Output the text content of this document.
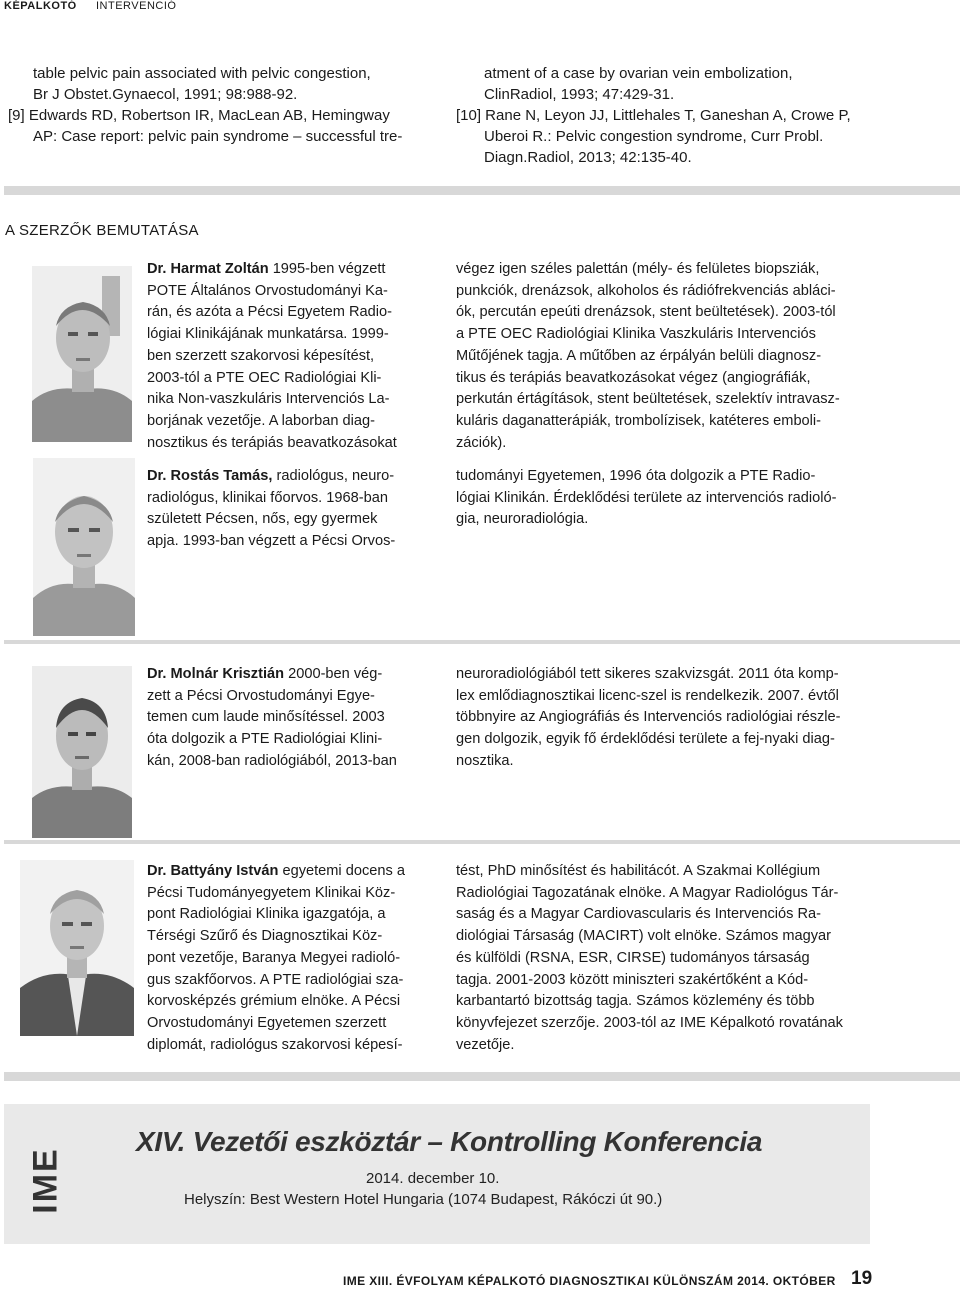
KÉPALKOTÓ INTERVENCIÓ
table pelvic pain associated with pelvic congestion,
Br J Obstet.Gynaecol, 1991; 98:988-92.
[9] Edwards RD, Robertson IR, MacLean AB, Hemingway
AP: Case report: pelvic pain syndrome – successful tre-
atment of a case by ovarian vein embolization,
ClinRadiol, 1993; 47:429-31.
[10] Rane N, Leyon JJ, Littlehales T, Ganeshan A, Crowe P,
Uberoi R.: Pelvic congestion syndrome, Curr Probl.
Diagn.Radiol, 2013; 42:135-40.
A SZERZŐK BEMUTATÁSA
Dr. Harmat Zoltán 1995-ben végzett
POTE Általános Orvostudományi Ka-
rán, és azóta a Pécsi Egyetem Radio-
lógiai Klinikájának munkatársa. 1999-
ben szerzett szakorvosi képesítést,
2003-tól a PTE OEC Radiológiai Kli-
nika Non-vaszkuláris Intervenciós La-
borjának vezetője. A laborban diag-
nosztikus és terápiás beavatkozásokat
végez igen széles palettán (mély- és felületes biopsziák,
punkciók, drenázsok, alkoholos és rádiófrekvenciás abláci-
ók, percután epeúti drenázsok, stent beültetések). 2003-tól
a PTE OEC Radiológiai Klinika Vaszkuláris Intervenciós
Műtőjének tagja. A műtőben az érpályán belüli diagnosz-
tikus és terápiás beavatkozásokat végez (angiográfiák,
perkután értágítások, stent beültetések, szelektív intravasz-
kuláris daganatterápiák, trombolízisek, katéteres emboli-
zációk).
Dr. Rostás Tamás, radiológus, neuro-
radiológus, klinikai főorvos. 1968-ban
született Pécsen, nős, egy gyermek
apja. 1993-ban végzett a Pécsi Orvos-
tudományi Egyetemen, 1996 óta dolgozik a PTE Radio-
lógiai Klinikán. Érdeklődési területe az intervenciós radioló-
gia, neuroradiológia.
Dr. Molnár Krisztián 2000-ben vég-
zett a Pécsi Orvostudományi Egye-
temen cum laude minősítéssel. 2003
óta dolgozik a PTE Radiológiai Klini-
kán, 2008-ban radiológiából, 2013-ban
neuroradiológiából tett sikeres szakvizsgát. 2011 óta komp-
lex emlődiagnosztikai licenc-szel is rendelkezik. 2007. évtől
többnyire az Angiográfiás és Intervenciós radiológiai részle-
gen dolgozik, egyik fő érdeklődési területe a fej-nyaki diag-
nosztika.
Dr. Battyány István egyetemi docens a
Pécsi Tudományegyetem Klinikai Köz-
pont Radiológiai Klinika igazgatója, a
Térségi Szűrő és Diagnosztikai Köz-
pont vezetője, Baranya Megyei radioló-
gus szakfőorvos. A PTE radiológiai sza-
korvosképzés grémium elnöke. A Pécsi
Orvostudományi Egyetemen szerzett
diplomát, radiológus szakorvosi képesí-
tést, PhD minősítést és habilitácót. A Szakmai Kollégium
Radiológiai Tagozatának elnöke. A Magyar Radiológus Tár-
saság és a Magyar Cardiovascularis és Intervenciós Ra-
diológiai Társaság (MACIRT) volt elnöke. Számos magyar
és külföldi (RSNA, ESR, CIRSE) tudományos társaság
tagja. 2001-2003 között miniszteri szakértőként a Kód-
karbantartó bizottság tagja. Számos közlemény és több
könyvfejezet szerzője. 2003-tól az IME Képalkotó rovatának
vezetője.
IME
XIV. Vezetői eszköztár – Kontrolling Konferencia
2014. december 10.
Helyszín: Best Western Hotel Hungaria (1074 Budapest, Rákóczi út 90.)
IME XIII. ÉVFOLYAM KÉPALKOTÓ DIAGNOSZTIKAI KÜLÖNSZÁM 2014. OKTÓBER 19
